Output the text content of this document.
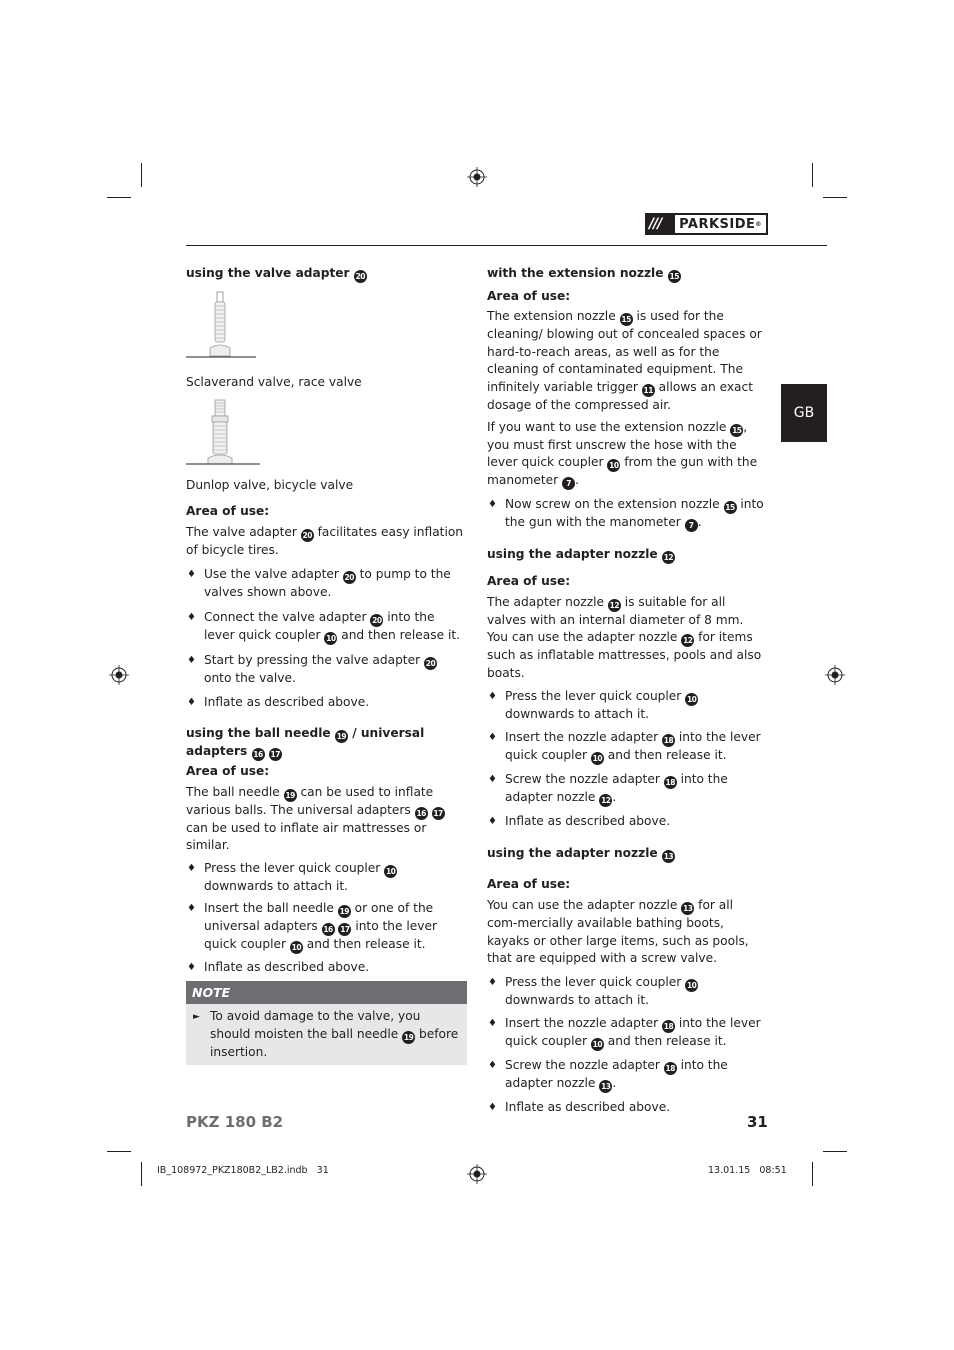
///	PARKSIDE ®
GB

using the valve adapter 20

Sclaverand valve, race valve

Dunlop valve, bicycle valve

Area of use:

The valve adapter 20 facilitates easy inflation of bicycle tires.

♦ Use the valve adapter 20 to pump to the valves shown above.

♦ Connect the valve adapter 20 into the lever quick coupler 10 and then release it.

♦ Start by pressing the valve adapter 20 onto the valve.

♦ Inflate as described above.

using the ball needle 19 / universal adapters 16 17

Area of use:

The ball needle 19 can be used to inflate various balls. The universal adapters 16 17 can be used to inflate air mattresses or similar.

♦ Press the lever quick coupler 10 downwards to attach it.

♦ Insert the ball needle 19 or one of the universal adapters 16 17 into the lever quick coupler 10 and then release it.

♦ Inflate as described above.

NOTE
► To avoid damage to the valve, you should moisten the ball needle 19 before insertion.

with the extension nozzle 15

Area of use:

The extension nozzle 15 is used for the cleaning/ blowing out of concealed spaces or hard-to-reach areas, as well as for the cleaning of contaminated equipment. The infinitely variable trigger 11 allows an exact dosage of the compressed air.

If you want to use the extension nozzle 15 , you must first unscrew the hose with the lever quick coupler 10 from the gun with the manometer 7 .

♦ Now screw on the extension nozzle 15 into the gun with the manometer 7 .

using the adapter nozzle 12

Area of use:

The adapter nozzle 12 is suitable for all valves with an internal diameter of 8 mm. You can use the adapter nozzle 12 for items such as inflatable mattresses, pools and also boats.

♦ Press the lever quick coupler 10 downwards to attach it.

♦ Insert the nozzle adapter 18 into the lever quick coupler 10 and then release it.

♦ Screw the nozzle adapter 18 into the adapter nozzle 12 .

♦ Inflate as described above.

using the adapter nozzle 13

Area of use:

You can use the adapter nozzle 13 for all com-mercially available bathing boots, kayaks or other large items, such as pools, that are equipped with a screw valve.

♦ Press the lever quick coupler 10 downwards to attach it.

♦ Insert the nozzle adapter 18 into the lever quick coupler 10 and then release it.

♦ Screw the nozzle adapter 18 into the adapter nozzle 13 .

♦ Inflate as described above.

PKZ 180 B2	31
IB_108972_PKZ180B2_LB2.indb   31	13.01.15   08:51
